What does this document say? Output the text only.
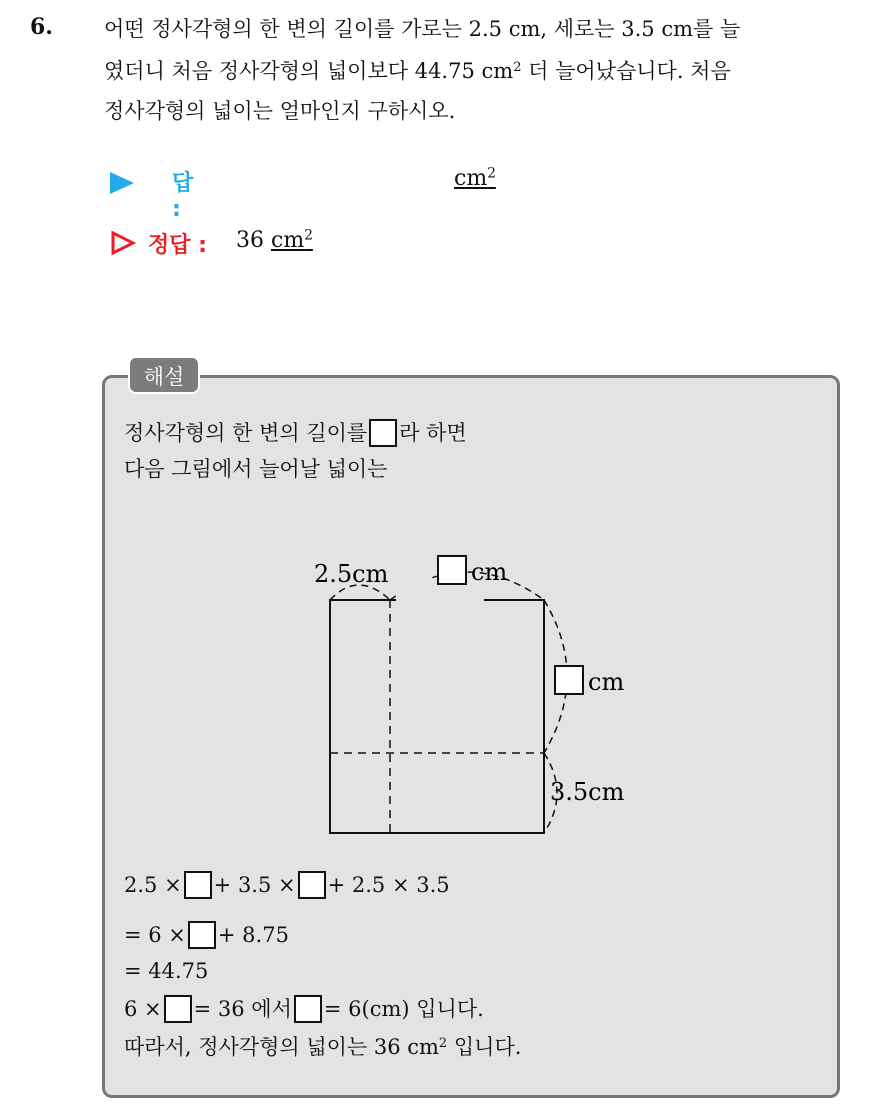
6. 어떤 정사각형의 한 변의 길이를 가로는 2.5 cm, 세로는 3.5 cm를 늘
였더니 처음 정사각형의 넓이보다 44.75 $cm^2$ 더 늘어났습니다. 처음
정사각형의 넓이는 얼마인지 구하시오.
답 :
$cm^2$
정답 : 36 $cm^2$
해설
정사각형의 한 변의 길이를 라 하면
다음 그림에서 늘어날 넓이는
2.5cm	cm
cm
3.5cm
2.5 × + 3.5 × + 2.5 × 3.5
= 6 × + 8.75
= 44.75
6 × = 36 에서 = 6(cm) 입니다.
따라서, 정사각형의 넓이는 36 $cm^2$ 입니다.
